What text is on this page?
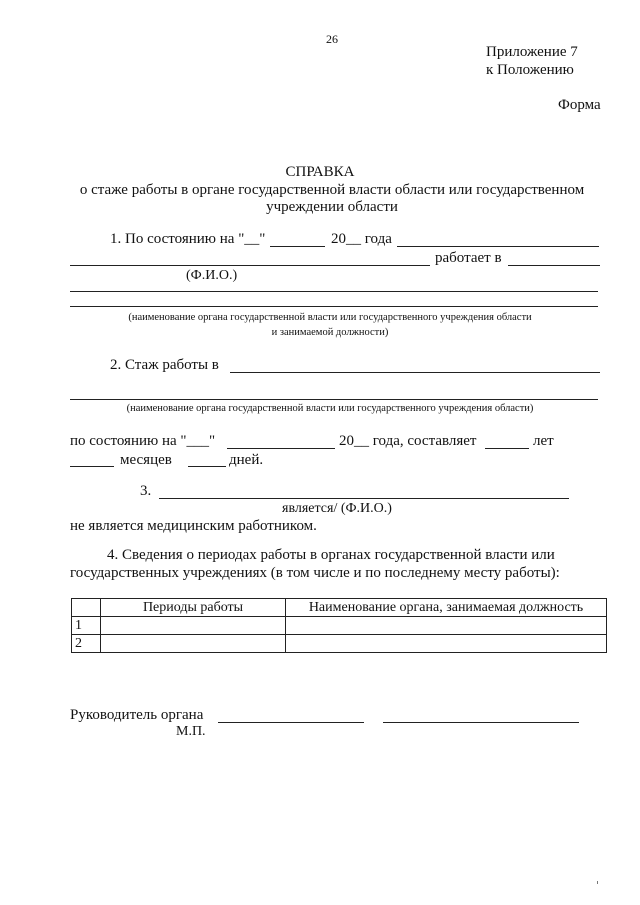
26
Приложение 7
к Положению
Форма
СПРАВКА
о стаже работы в органе государственной власти области или государственном
учреждении области
1. По состоянию на "__"	20__ года
работает в
(Ф.И.О.)
(наименование органа государственной власти или государственного учреждения области
и занимаемой должности)
2. Стаж работы в
(наименование органа государственной власти или государственного учреждения области)
по состоянию на "___"	20__ года, составляет	лет
месяцев	дней.
3.
является/ (Ф.И.О.)
не является медицинским работником.
4. Сведения о периодах работы в органах государственной власти или
государственных учреждениях (в том числе и по последнему месту работы):
	Периоды работы	Наименование органа, занимаемая должность
1		
2		
Руководитель органа
М.П.
